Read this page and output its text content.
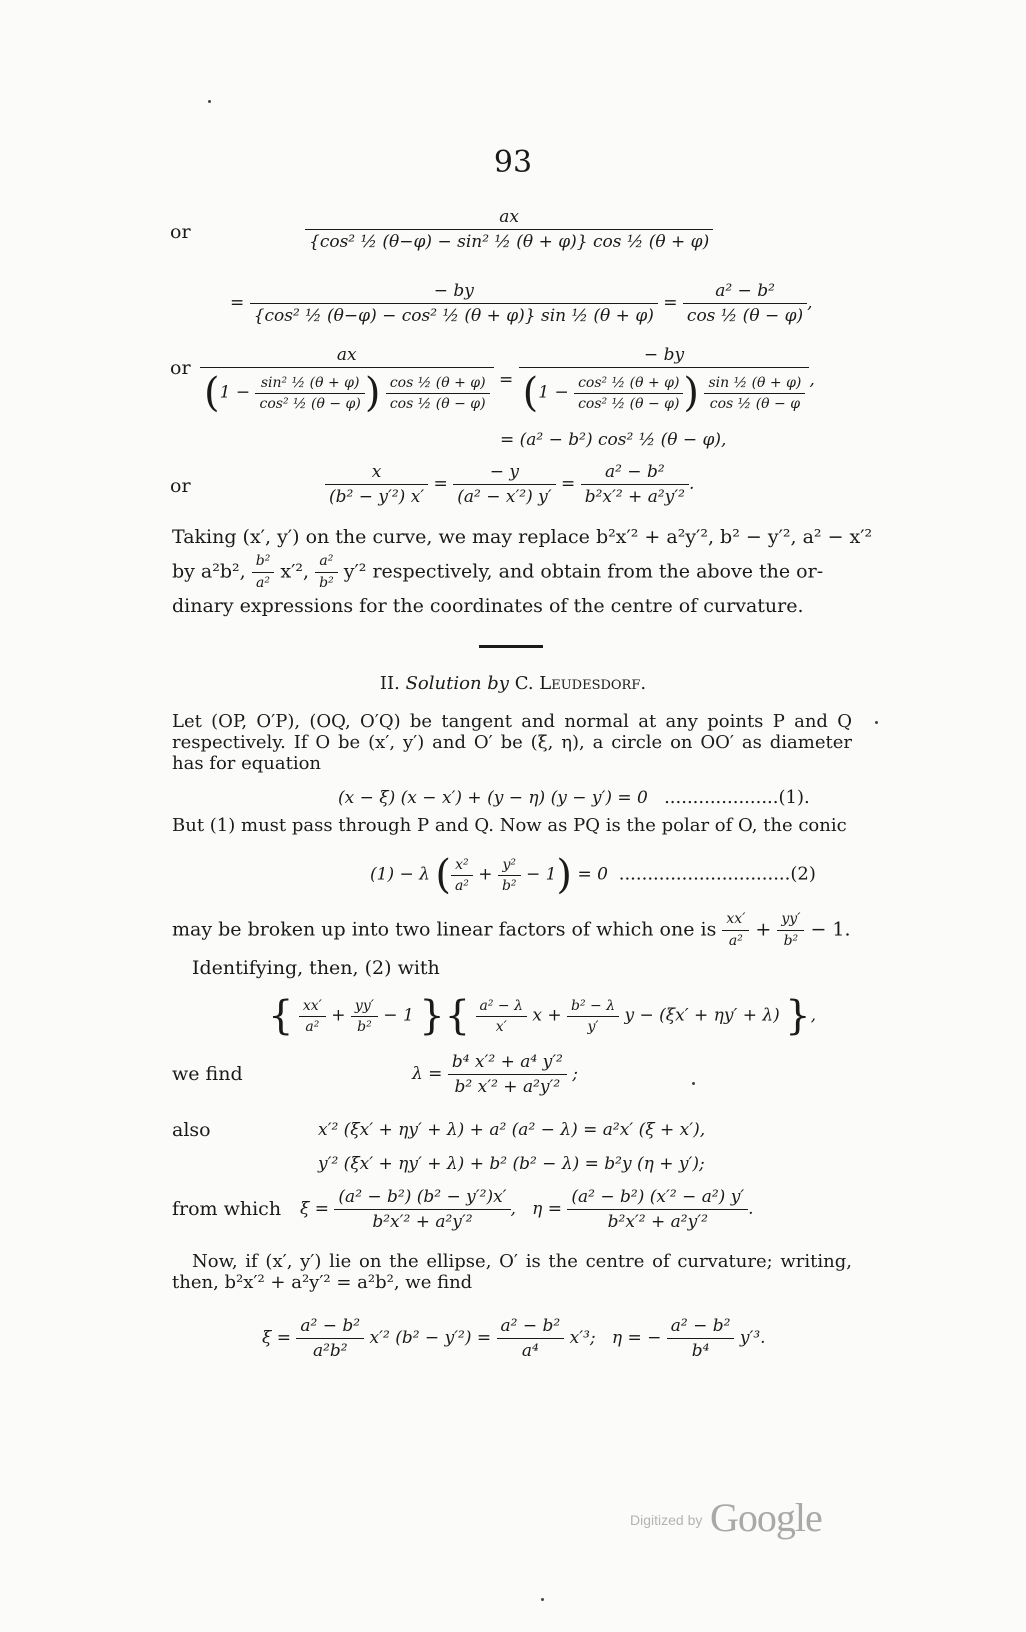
93
or	$\frac{ax}{\text{\{cos² ½ (θ−φ) − sin² ½ (θ + φ)\} cos ½ (θ + φ)}}$
= $\frac{- by}{\text{\{cos² ½ (θ−φ) − cos² ½ (θ + φ)\} sin ½ (θ + φ)}} = \frac{\text{a² − b²}}{\text{cos ½ (θ − φ)}}$ ,
or
ax
($1 - \frac{\text{sin² ½ (θ + φ)}}{\text{cos² ½ (θ − φ)}}$ ) $\frac{\text{cos ½ (θ + φ)}}{\text{cos ½ (θ − φ)}}$ =
− by
($1 - \frac{\text{cos² ½ (θ + φ)}}{\text{cos² ½ (θ − φ)}}$ ) $\frac{\text{sin ½ (θ + φ)}}{\text{cos ½ (θ − φ}}$ ,
= (a² − b²) cos² ½ (θ − φ),
or	$\frac{x}{\text{(b² − y′²) x′}} = \frac{- y}{\text{(a² − x′²) y′}} = \frac{\text{a² − b²}}{\text{b²x′² + a²y′²}}$ .
Taking (x′, y′) on the curve, we may replace b²x′² + a²y′², b² − y′², a² − x′²
by a²b², $\frac{\text{b²}}{\text{a²}} x'^2$, $\frac{\text{a²}}{\text{b²}} y'^2$ respectively, and obtain from the above the or-
dinary expressions for the coordinates of the centre of curvature.
II. Solution by C. Leudesdorf.
Let (OP, O′P), (OQ, O′Q) be tangent and normal at any points P and Q respectively. If O be (x′, y′) and O′ be (ξ, η), a circle on OO′ as diameter has for equation
(x − ξ) (x − x′) + (y − η) (y − y′) = 0 ....................(1).
But (1) must pass through P and Q. Now as PQ is the polar of O, the conic
(1) − λ ( $\frac{\text{x²}}{\text{a²}} + \frac{\text{y²}}{\text{b²}} - 1) = 0$ ..............................(2)
may be broken up into two linear factors of which one is $\frac{xx'}{\text{a²}} + \frac{yy'}{\text{b²}} - 1$.
Identifying, then, (2) with
{ $\frac{xx'}{\text{a²}} + \frac{yy'}{\text{b²}} - 1$ }{ $\frac{\text{a² − λ}}{x'}$ $x + \frac{\text{b² − λ}}{y'}$ y − (ξx′ + ηy′ + λ) },
we find	$\lambda = \frac{\text{b⁴ x′² + a⁴ y′²}}{\text{b² x′² + a²y′²}}$ ;
also	x′² (ξx′ + ηy′ + λ) + a² (a² − λ) = a²x′ (ξ + x′),
y′² (ξx′ + ηy′ + λ) + b² (b² − λ) = b²y (η + y′);
from which $\xi = \frac{\text{(a² − b²) (b² − y′²)x′}}{\text{b²x′² + a²y′²}}$ ,   $\eta = \frac{\text{(a² − b²) (x′² − a²) y′}}{\text{b²x′² + a²y′²}}$ .
Now, if (x′, y′) lie on the ellipse, O′ is the centre of curvature; writing, then, b²x′² + a²y′² = a²b², we find
$\xi = \frac{\text{a² − b²}}{\text{a²b²}} x'^2$ $(b^2 - y'^2) = \frac{\text{a² − b²}}{\text{a⁴}} x'^3$;   η = − $\frac{\text{a² − b²}}{\text{b⁴}} y'^3$.
Digitized by Google
